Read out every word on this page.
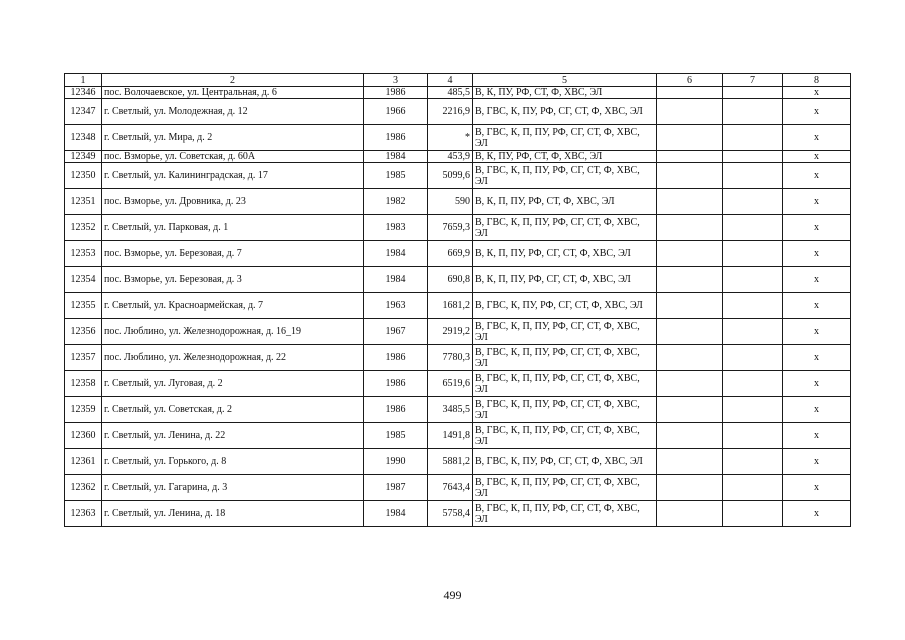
1	2	3	4	5	6	7	8
12346	пос. Волочаевское, ул. Центральная, д. 6	1986	485,5	В, К, ПУ, РФ, СТ, Ф, ХВС, ЭЛ			х
12347	г. Светлый, ул. Молодежная, д. 12	1966	2216,9	В, ГВС, К, ПУ, РФ, СГ, СТ, Ф, ХВС, ЭЛ			х
12348	г. Светлый, ул. Мира, д. 2	1986	*	В, ГВС, К, П, ПУ, РФ, СГ, СТ, Ф, ХВС, ЭЛ			х
12349	пос. Взморье, ул. Советская, д. 60А	1984	453,9	В, К, ПУ, РФ, СТ, Ф, ХВС, ЭЛ			х
12350	г. Светлый, ул. Калининградская, д. 17	1985	5099,6	В, ГВС, К, П, ПУ, РФ, СГ, СТ, Ф, ХВС, ЭЛ			х
12351	пос. Взморье, ул. Дровника, д. 23	1982	590	В, К, П, ПУ, РФ, СТ, Ф, ХВС, ЭЛ			х
12352	г. Светлый, ул. Парковая, д. 1	1983	7659,3	В, ГВС, К, П, ПУ, РФ, СГ, СТ, Ф, ХВС, ЭЛ			х
12353	пос. Взморье, ул. Березовая, д. 7	1984	669,9	В, К, П, ПУ, РФ, СГ, СТ, Ф, ХВС, ЭЛ			х
12354	пос. Взморье, ул. Березовая, д. 3	1984	690,8	В, К, П, ПУ, РФ, СГ, СТ, Ф, ХВС, ЭЛ			х
12355	г. Светлый, ул. Красноармейская, д. 7	1963	1681,2	В, ГВС, К, ПУ, РФ, СГ, СТ, Ф, ХВС, ЭЛ			х
12356	пос. Люблино, ул. Железнодорожная, д. 16_19	1967	2919,2	В, ГВС, К, П, ПУ, РФ, СГ, СТ, Ф, ХВС, ЭЛ			х
12357	пос. Люблино, ул. Железнодорожная, д. 22	1986	7780,3	В, ГВС, К, П, ПУ, РФ, СГ, СТ, Ф, ХВС, ЭЛ			х
12358	г. Светлый, ул. Луговая, д. 2	1986	6519,6	В, ГВС, К, П, ПУ, РФ, СГ, СТ, Ф, ХВС, ЭЛ			х
12359	г. Светлый, ул. Советская, д. 2	1986	3485,5	В, ГВС, К, П, ПУ, РФ, СГ, СТ, Ф, ХВС, ЭЛ			х
12360	г. Светлый, ул. Ленина, д. 22	1985	1491,8	В, ГВС, К, П, ПУ, РФ, СГ, СТ, Ф, ХВС, ЭЛ			х
12361	г. Светлый, ул. Горького, д. 8	1990	5881,2	В, ГВС, К, ПУ, РФ, СГ, СТ, Ф, ХВС, ЭЛ			х
12362	г. Светлый, ул. Гагарина, д. 3	1987	7643,4	В, ГВС, К, П, ПУ, РФ, СГ, СТ, Ф, ХВС, ЭЛ			х
12363	г. Светлый, ул. Ленина, д. 18	1984	5758,4	В, ГВС, К, П, ПУ, РФ, СГ, СТ, Ф, ХВС, ЭЛ			х
499
